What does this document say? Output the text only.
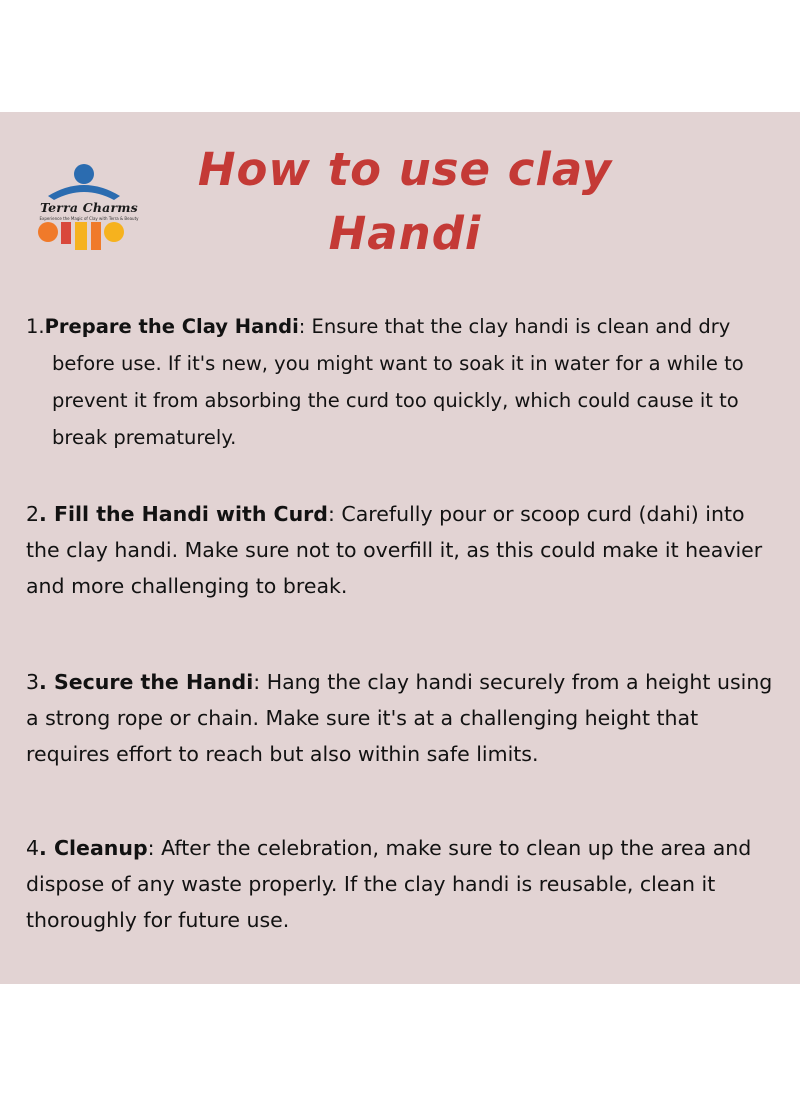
Terra Charms
Experience the Magic of Clay with Terra & Beauty
How to use clay
Handi
1.Prepare the Clay Handi: Ensure that the clay handi is clean and dry before use. If it's new, you might want to soak it in water for a while to prevent it from absorbing the curd too quickly, which could cause it to break prematurely.
2. Fill the Handi with Curd: Carefully pour or scoop curd (dahi) into the clay handi. Make sure not to overfill it, as this could make it heavier and more challenging to break.
3. Secure the Handi: Hang the clay handi securely from a height using a strong rope or chain. Make sure it's at a challenging height that requires effort to reach but also within safe limits.
4. Cleanup: After the celebration, make sure to clean up the area and dispose of any waste properly. If the clay handi is reusable, clean it thoroughly for future use.
